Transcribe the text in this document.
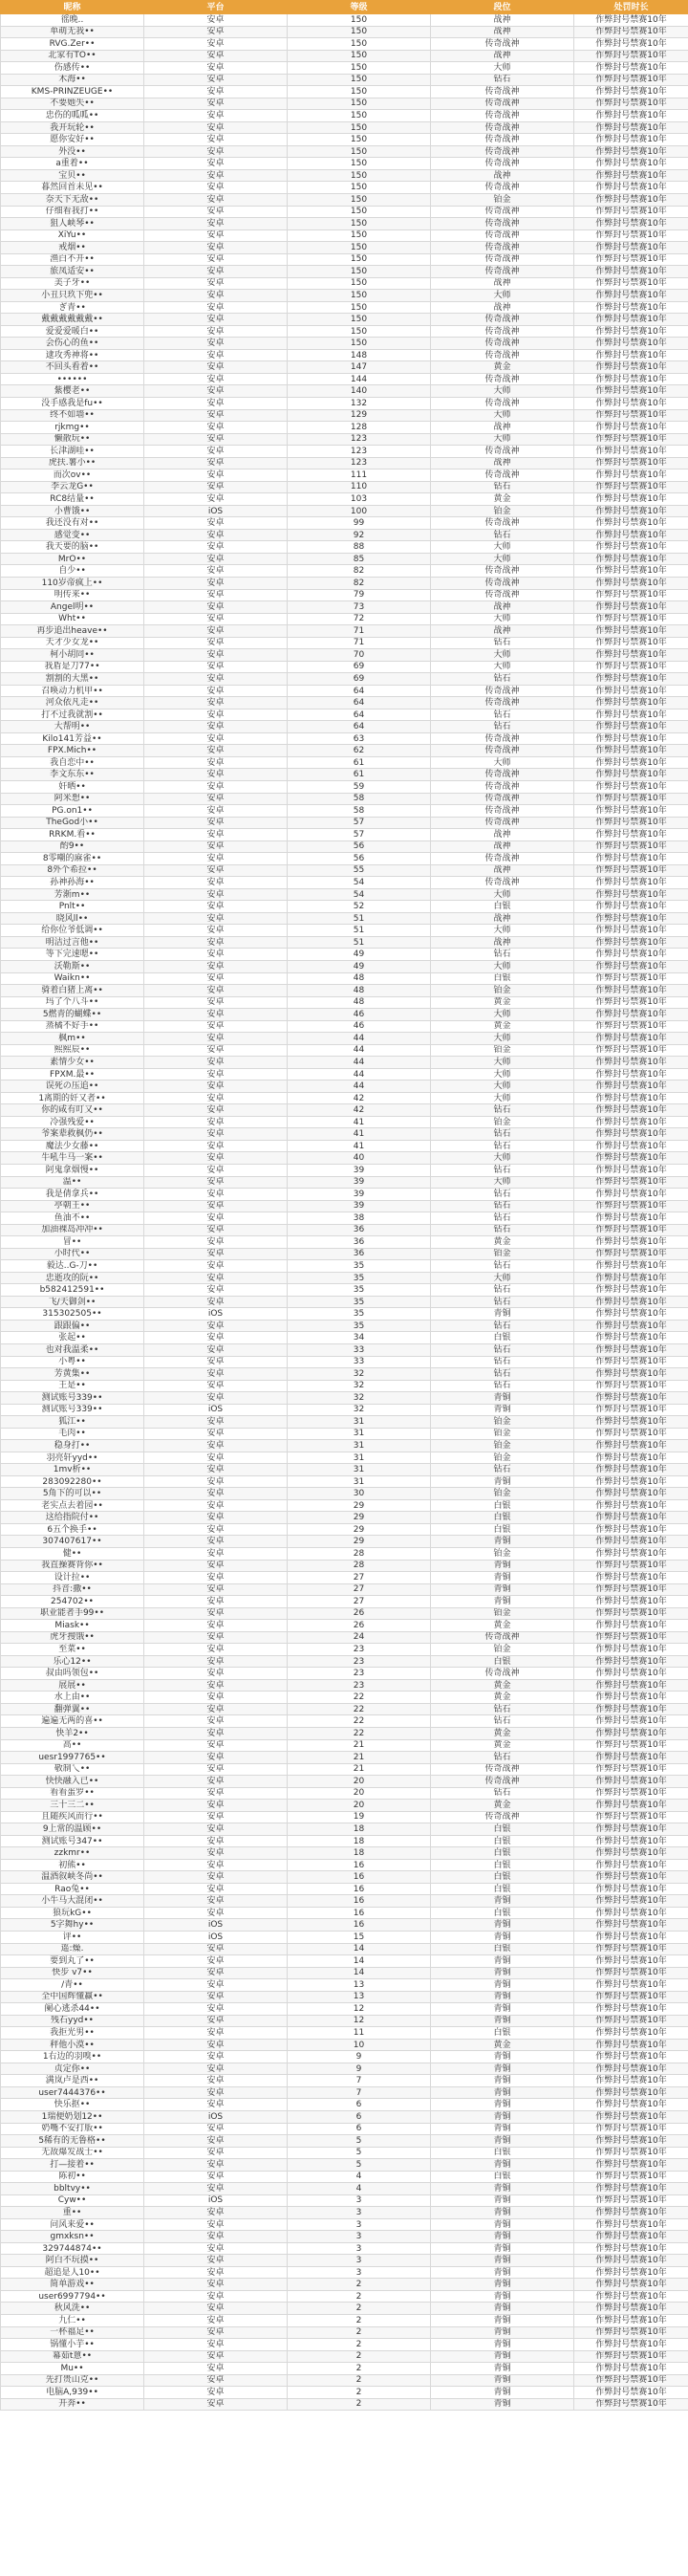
昵称	平台	等级	段位	处罚时长
徭晚..	安卓	150	战神	作弊封号禁赛10年
单萌无我••	安卓	150	战神	作弊封号禁赛10年
RVG.Zer••	安卓	150	传奇战神	作弊封号禁赛10年
北家有TO••	安卓	150	战神	作弊封号禁赛10年
伤感传••	安卓	150	大师	作弊封号禁赛10年
木海••	安卓	150	钻石	作弊封号禁赛10年
KMS-PRINZEUGE••	安卓	150	传奇战神	作弊封号禁赛10年
不要她失••	安卓	150	传奇战神	作弊封号禁赛10年
忠伤的呱呱••	安卓	150	传奇战神	作弊封号禁赛10年
我开玩轮••	安卓	150	传奇战神	作弊封号禁赛10年
愿你安好••	安卓	150	传奇战神	作弊封号禁赛10年
外没••	安卓	150	传奇战神	作弊封号禁赛10年
a重着••	安卓	150	传奇战神	作弊封号禁赛10年
宝贝••	安卓	150	战神	作弊封号禁赛10年
暮然回首未见••	安卓	150	传奇战神	作弊封号禁赛10年
奈天下无敌••	安卓	150	铂金	作弊封号禁赛10年
仔细看我打••	安卓	150	传奇战神	作弊封号禁赛10年
狙人峡琴••	安卓	150	传奇战神	作弊封号禁赛10年
XiYu••	安卓	150	传奇战神	作弊封号禁赛10年
戒烟••	安卓	150	传奇战神	作弊封号禁赛10年
渔白不开••	安卓	150	传奇战神	作弊封号禁赛10年
旅凤适安••	安卓	150	传奇战神	作弊封号禁赛10年
美子牙••	安卓	150	战神	作弊封号禁赛10年
小丑只玖下兜••	安卓	150	大师	作弊封号禁赛10年
ぎ青••	安卓	150	战神	作弊封号禁赛10年
戴戴戴戴戴戴••	安卓	150	传奇战神	作弊封号禁赛10年
爱爱爱暖白••	安卓	150	传奇战神	作弊封号禁赛10年
会伤心的鱼••	安卓	150	传奇战神	作弊封号禁赛10年
逮攻秀神将••	安卓	148	传奇战神	作弊封号禁赛10年
不回头看着••	安卓	147	黄金	作弊封号禁赛10年
••••••	安卓	144	传奇战神	作弊封号禁赛10年
紫樱老••	安卓	140	大师	作弊封号禁赛10年
没手感我是fu••	安卓	132	传奇战神	作弊封号禁赛10年
终不如墙••	安卓	129	大师	作弊封号禁赛10年
rjkmg••	安卓	128	战神	作弊封号禁赛10年
懒散玩••	安卓	123	大师	作弊封号禁赛10年
长津湖哇••	安卓	123	传奇战神	作弊封号禁赛10年
虎扶.薯小••	安卓	123	战神	作弊封号禁赛10年
而次ov••	安卓	111	传奇战神	作弊封号禁赛10年
李云龙G••	安卓	110	钻石	作弊封号禁赛10年
RC8结量••	安卓	103	黄金	作弊封号禁赛10年
小曹饿••	iOS	100	铂金	作弊封号禁赛10年
我还没有对••	安卓	99	传奇战神	作弊封号禁赛10年
感觉变••	安卓	92	钻石	作弊封号禁赛10年
我天要的脑••	安卓	88	大师	作弊封号禁赛10年
MrO••	安卓	85	大师	作弊封号禁赛10年
自少••	安卓	82	传奇战神	作弊封号禁赛10年
110岁帝疯上••	安卓	82	传奇战神	作弊封号禁赛10年
明传来••	安卓	79	传奇战神	作弊封号禁赛10年
Angel明••	安卓	73	战神	作弊封号禁赛10年
Wht••	安卓	72	大师	作弊封号禁赛10年
再步追出heave••	安卓	71	战神	作弊封号禁赛10年
天才少女龙••	安卓	71	钻石	作弊封号禁赛10年
柯小胡同••	安卓	70	大师	作弊封号禁赛10年
我盾是刀77••	安卓	69	大师	作弊封号禁赛10年
割割的大黑••	安卓	69	钻石	作弊封号禁赛10年
召唤动力机甲••	安卓	64	传奇战神	作弊封号禁赛10年
河众依凡走••	安卓	64	传奇战神	作弊封号禁赛10年
打不过我就割••	安卓	64	钻石	作弊封号禁赛10年
大帮明••	安卓	64	钻石	作弊封号禁赛10年
Kilo141芳益••	安卓	63	传奇战神	作弊封号禁赛10年
FPX.Mich••	安卓	62	传奇战神	作弊封号禁赛10年
我自恋中••	安卓	61	大师	作弊封号禁赛10年
李文东东••	安卓	61	传奇战神	作弊封号禁赛10年
奸晒••	安卓	59	传奇战神	作弊封号禁赛10年
阿米想••	安卓	58	传奇战神	作弊封号禁赛10年
PG.on1••	安卓	58	传奇战神	作弊封号禁赛10年
TheGod小••	安卓	57	传奇战神	作弊封号禁赛10年
RRKM.看••	安卓	57	战神	作弊封号禁赛10年
酌9••	安卓	56	战神	作弊封号禁赛10年
8零嘲的麻雀••	安卓	56	传奇战神	作弊封号禁赛10年
8外个希拉••	安卓	55	战神	作弊封号禁赛10年
孙神孙海••	安卓	54	传奇战神	作弊封号禁赛10年
芳渐m••	安卓	54	大师	作弊封号禁赛10年
Pnlt••	安卓	52	白银	作弊封号禁赛10年
晓风ll••	安卓	51	战神	作弊封号禁赛10年
给你位爷低调••	安卓	51	大师	作弊封号禁赛10年
明洁过言他••	安卓	51	战神	作弊封号禁赛10年
等下完速嗯••	安卓	49	钻石	作弊封号禁赛10年
沃勒斯••	安卓	49	大师	作弊封号禁赛10年
Waikn••	安卓	48	白银	作弊封号禁赛10年
骑着白猪上离••	安卓	48	铂金	作弊封号禁赛10年
玛了个八斗••	安卓	48	黄金	作弊封号禁赛10年
5燃青的蝴蝶••	安卓	46	大师	作弊封号禁赛10年
蒸橘不好手••	安卓	46	黄金	作弊封号禁赛10年
枫m••	安卓	44	大师	作弊封号禁赛10年
熙熙辰••	安卓	44	铂金	作弊封号禁赛10年
素情少女••	安卓	44	大师	作弊封号禁赛10年
FPXM.最••	安卓	44	大师	作弊封号禁赛10年
误死の压追••	安卓	44	大师	作弊封号禁赛10年
1离期的奸又者••	安卓	42	大师	作弊封号禁赛10年
你的咸有叮又••	安卓	42	钻石	作弊封号禁赛10年
冷强残爱••	安卓	41	铂金	作弊封号禁赛10年
爷案辈救枫仍••	安卓	41	钻石	作弊封号禁赛10年
魔法少女藤••	安卓	41	钻石	作弊封号禁赛10年
牛吼牛马一案••	安卓	40	大师	作弊封号禁赛10年
阿鬼拿烟慢••	安卓	39	钻石	作弊封号禁赛10年
温••	安卓	39	大师	作弊封号禁赛10年
我是倩拿兵••	安卓	39	钻石	作弊封号禁赛10年
亭朝王••	安卓	39	钻石	作弊封号禁赛10年
鱼油不••	安卓	38	钻石	作弊封号禁赛10年
加油裸岛冲冲••	安卓	36	钻石	作弊封号禁赛10年
冒••	安卓	36	黄金	作弊封号禁赛10年
小时代••	安卓	36	铂金	作弊封号禁赛10年
毅达..G-刀••	安卓	35	钻石	作弊封号禁赛10年
忠逝攻的阮••	安卓	35	大师	作弊封号禁赛10年
b582412591••	安卓	35	钻石	作弊封号禁赛10年
飞/天御剑••	安卓	35	钻石	作弊封号禁赛10年
315302505••	iOS	35	青铜	作弊封号禁赛10年
跟跟偏••	安卓	35	钻石	作弊封号禁赛10年
张起••	安卓	34	白银	作弊封号禁赛10年
也对我温柔••	安卓	33	钻石	作弊封号禁赛10年
小粤••	安卓	33	钻石	作弊封号禁赛10年
芳黄集••	安卓	32	钻石	作弊封号禁赛10年
王是••	安卓	32	钻石	作弊封号禁赛10年
测试账号339••	安卓	32	青铜	作弊封号禁赛10年
测试账号339••	iOS	32	青铜	作弊封号禁赛10年
狐江••	安卓	31	铂金	作弊封号禁赛10年
毛肉••	安卓	31	铂金	作弊封号禁赛10年
稳身打••	安卓	31	铂金	作弊封号禁赛10年
羽亮轩yyd••	安卓	31	铂金	作弊封号禁赛10年
1mv析••	安卓	31	钻石	作弊封号禁赛10年
283092280••	安卓	31	青铜	作弊封号禁赛10年
5角下的可以••	安卓	30	铂金	作弊封号禁赛10年
老实点去着园••	安卓	29	白银	作弊封号禁赛10年
这给指院付••	安卓	29	白银	作弊封号禁赛10年
6五个换手••	安卓	29	白银	作弊封号禁赛10年
307407617••	安卓	29	青铜	作弊封号禁赛10年
健••	安卓	28	铂金	作弊封号禁赛10年
我直操赛背你••	安卓	28	青铜	作弊封号禁赛10年
设计拉••	安卓	27	青铜	作弊封号禁赛10年
抖音:撒••	安卓	27	青铜	作弊封号禁赛10年
254702••	安卓	27	青铜	作弊封号禁赛10年
职业能者手99••	安卓	26	铂金	作弊封号禁赛10年
Miask••	安卓	26	黄金	作弊封号禁赛10年
虎牙搜饿••	安卓	24	传奇战神	作弊封号禁赛10年
至菜••	安卓	23	铂金	作弊封号禁赛10年
乐心12••	安卓	23	白银	作弊封号禁赛10年
叔由吗领包••	安卓	23	传奇战神	作弊封号禁赛10年
展展••	安卓	23	黄金	作弊封号禁赛10年
水上由••	安卓	22	黄金	作弊封号禁赛10年
翻弹翼••	安卓	22	钻石	作弊封号禁赛10年
遍遍无两的喜••	安卓	22	钻石	作弊封号禁赛10年
快羊2••	安卓	22	黄金	作弊封号禁赛10年
高••	安卓	21	黄金	作弊封号禁赛10年
uesr1997765••	安卓	21	钻石	作弊封号禁赛10年
敬制乀••	安卓	21	传奇战神	作弊封号禁赛10年
快快融入已••	安卓	20	传奇战神	作弊封号禁赛10年
看看蛋罗••	安卓	20	钻石	作弊封号禁赛10年
三十三二••	安卓	20	黄金	作弊封号禁赛10年
且随疾风而行••	安卓	19	传奇战神	作弊封号禁赛10年
9上常的温顾••	安卓	18	白银	作弊封号禁赛10年
测试账号347••	安卓	18	白银	作弊封号禁赛10年
zzkmr••	安卓	18	白银	作弊封号禁赛10年
初熊••	安卓	16	白银	作弊封号禁赛10年
温酒叙峡冬尚••	安卓	16	白银	作弊封号禁赛10年
Rao兔••	安卓	16	白银	作弊封号禁赛10年
小牛马大混闭••	安卓	16	青铜	作弊封号禁赛10年
狼玩kG••	安卓	16	白银	作弊封号禁赛10年
5字舞hy••	iOS	16	青铜	作弊封号禁赛10年
评••	iOS	15	青铜	作弊封号禁赛10年
遥:燥.	安卓	14	白银	作弊封号禁赛10年
要到丸了••	安卓	14	青铜	作弊封号禁赛10年
快步 v7••	安卓	14	青铜	作弊封号禁赛10年
/青••	安卓	13	青铜	作弊封号禁赛10年
全中国辉懂赢••	安卓	13	青铜	作弊封号禁赛10年
阑心逃杀44••	安卓	12	青铜	作弊封号禁赛10年
残石yyd••	安卓	12	青铜	作弊封号禁赛10年
我拒光男••	安卓	11	白银	作弊封号禁赛10年
秤他小漠••	安卓	10	黄金	作弊封号禁赛10年
1右边的羽嗅••	安卓	9	青铜	作弊封号禁赛10年
贞定你••	安卓	9	青铜	作弊封号禁赛10年
满岚卢是西••	安卓	7	青铜	作弊封号禁赛10年
user7444376••	安卓	7	青铜	作弊封号禁赛10年
快乐抠••	安卓	6	青铜	作弊封号禁赛10年
1瑞便奶划12••	iOS	6	青铜	作弊封号禁赛10年
奶嘴不安打版••	安卓	6	青铜	作弊封号禁赛10年
5稀有的无鲁格••	安卓	5	青铜	作弊封号禁赛10年
无敌爆发战士••	安卓	5	白银	作弊封号禁赛10年
打—接着••	安卓	5	青铜	作弊封号禁赛10年
陈初••	安卓	4	白银	作弊封号禁赛10年
bbltvy••	安卓	4	青铜	作弊封号禁赛10年
Cyw••	iOS	3	青铜	作弊封号禁赛10年
重••	安卓	3	青铜	作弊封号禁赛10年
问风来爱••	安卓	3	青铜	作弊封号禁赛10年
gmxksn••	安卓	3	青铜	作弊封号禁赛10年
329744874••	安卓	3	青铜	作弊封号禁赛10年
阿白不玩摸••	安卓	3	青铜	作弊封号禁赛10年
超追是人10••	安卓	3	青铜	作弊封号禁赛10年
简单游戏••	安卓	2	青铜	作弊封号禁赛10年
user6997794••	安卓	2	青铜	作弊封号禁赛10年
秋风洗••	安卓	2	青铜	作弊封号禁赛10年
九仁••	安卓	2	青铜	作弊封号禁赛10年
一杯福足••	安卓	2	青铜	作弊封号禁赛10年
锅懂小芋••	安卓	2	青铜	作弊封号禁赛10年
幕茹t蒽••	安卓	2	青铜	作弊封号禁赛10年
Mu••	安卓	2	青铜	作弊封号禁赛10年
先打贵山克••	安卓	2	青铜	作弊封号禁赛10年
电脑A,939••	安卓	2	青铜	作弊封号禁赛10年
开奔••	安卓	2	青铜	作弊封号禁赛10年
